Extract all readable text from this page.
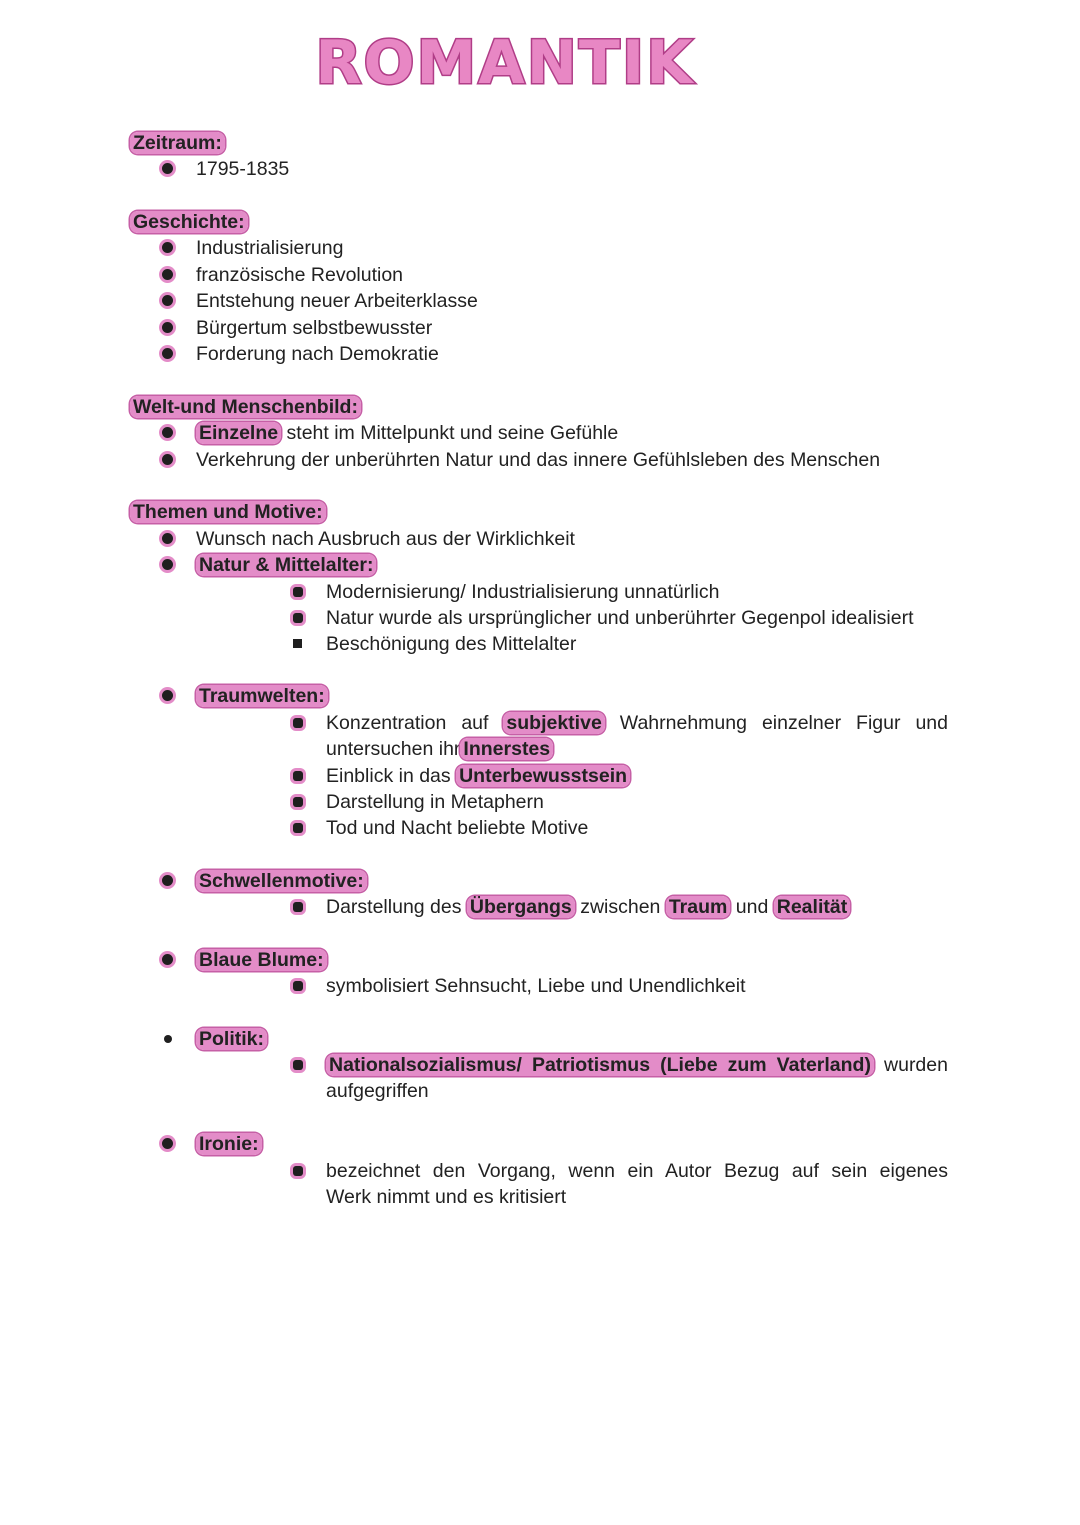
ROMANTIK
Zeitraum:
1795-1835
Geschichte:
Industrialisierung
französische Revolution
Entstehung neuer Arbeiterklasse
Bürgertum selbstbewusster
Forderung nach Demokratie
Welt-und Menschenbild:
Einzelne steht im Mittelpunkt und seine Gefühle
Verkehrung der unberührten Natur und das innere Gefühlsleben des Menschen
Themen und Motive:
Wunsch nach Ausbruch aus der Wirklichkeit
Natur & Mittelalter:
Modernisierung/ Industrialisierung unnatürlich
Natur wurde als ursprünglicher und unberührter Gegenpol idealisiert
Beschönigung des Mittelalter
Traumwelten:
Konzentration auf subjektive Wahrnehmung einzelner Figur und
untersuchen ihr Innerstes
Einblick in das Unterbewusstsein
Darstellung in Metaphern
Tod und Nacht beliebte Motive
Schwellenmotive:
Darstellung des Übergangs zwischen Traum und Realität
Blaue Blume:
symbolisiert Sehnsucht, Liebe und Unendlichkeit
Politik:
Nationalsozialismus/ Patriotismus (Liebe zum Vaterland) wurden
aufgegriffen
Ironie:
bezeichnet den Vorgang, wenn ein Autor Bezug auf sein eigenes
Werk nimmt und es kritisiert
